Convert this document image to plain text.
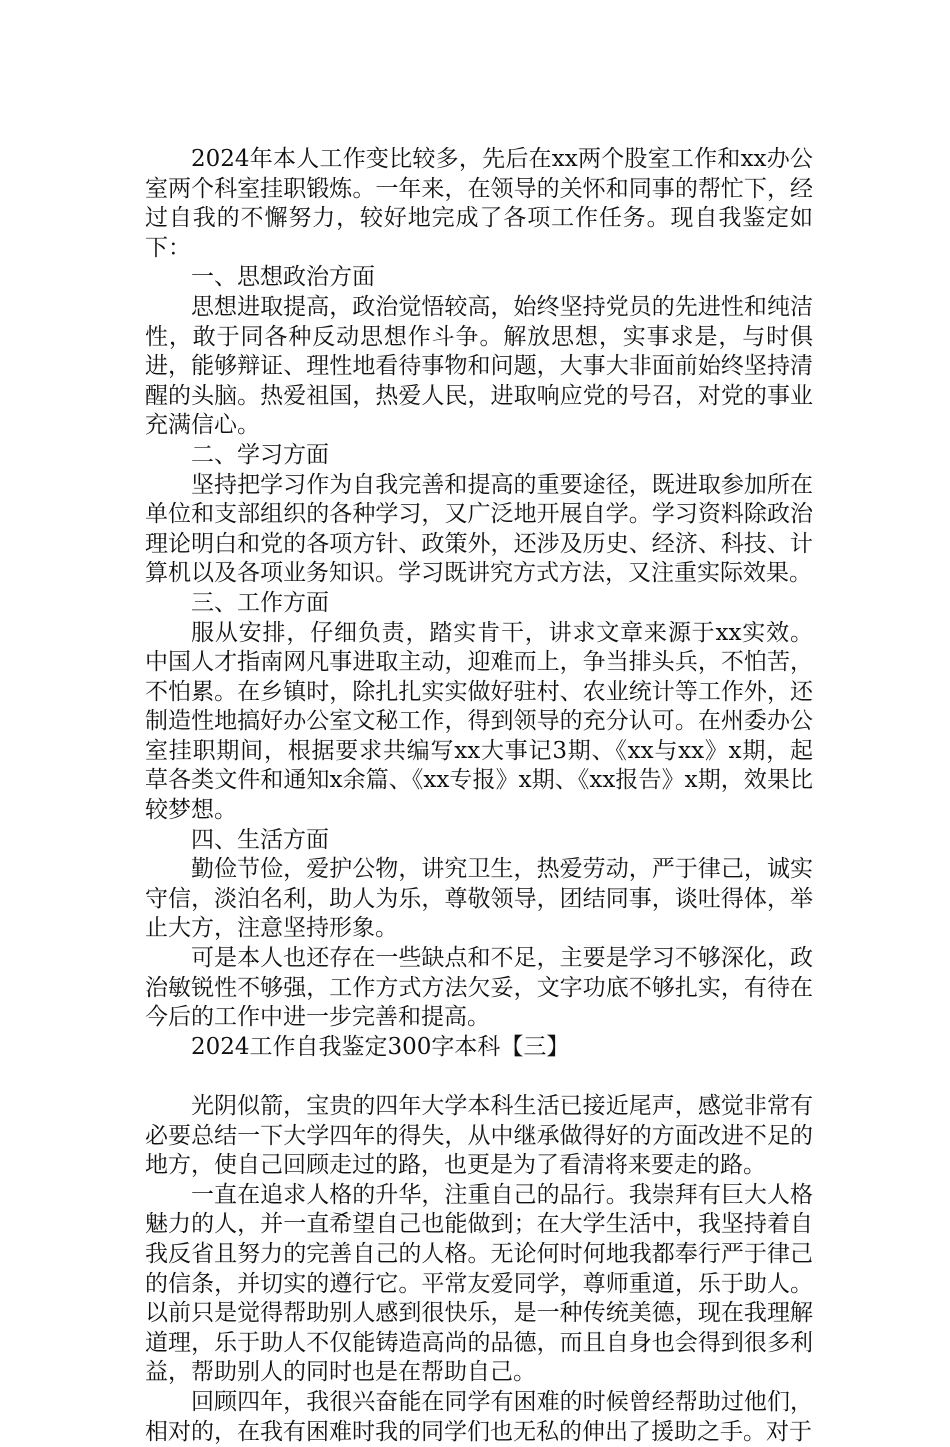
2024年本人工作变比较多，先后在xx两个股室工作和xx办公室两个科室挂职锻炼。一年来，在领导的关怀和同事的帮忙下，经过自我的不懈努力，较好地完成了各项工作任务。现自我鉴定如下：

一、思想政治方面

思想进取提高，政治觉悟较高，始终坚持党员的先进性和纯洁性，敢于同各种反动思想作斗争。解放思想，实事求是，与时俱进，能够辩证、理性地看待事物和问题，大事大非面前始终坚持清醒的头脑。热爱祖国，热爱人民，进取响应党的号召，对党的事业充满信心。

二、学习方面

坚持把学习作为自我完善和提高的重要途径，既进取参加所在单位和支部组织的各种学习，又广泛地开展自学。学习资料除政治理论明白和党的各项方针、政策外，还涉及历史、经济、科技、计算机以及各项业务知识。学习既讲究方式方法，又注重实际效果。

三、工作方面

服从安排，仔细负责，踏实肯干，讲求文章来源于xx实效。中国人才指南网凡事进取主动，迎难而上，争当排头兵，不怕苦，不怕累。在乡镇时，除扎扎实实做好驻村、农业统计等工作外，还制造性地搞好办公室文秘工作，得到领导的充分认可。在州委办公室挂职期间，根据要求共编写xx大事记3期、《xx与xx》x期，起草各类文件和通知x余篇、《xx专报》x期、《xx报告》x期，效果比较梦想。

四、生活方面

勤俭节俭，爱护公物，讲究卫生，热爱劳动，严于律己，诚实守信，淡泊名利，助人为乐，尊敬领导，团结同事，谈吐得体，举止大方，注意坚持形象。

可是本人也还存在一些缺点和不足，主要是学习不够深化，政治敏锐性不够强，工作方式方法欠妥，文字功底不够扎实，有待在今后的工作中进一步完善和提高。

2024工作自我鉴定300字本科【三】

光阴似箭，宝贵的四年大学本科生活已接近尾声，感觉非常有必要总结一下大学四年的得失，从中继承做得好的方面改进不足的地方，使自己回顾走过的路，也更是为了看清将来要走的路。

一直在追求人格的升华，注重自己的品行。我崇拜有巨大人格魅力的人，并一直希望自己也能做到；在大学生活中，我坚持着自我反省且努力的完善自己的人格。无论何时何地我都奉行严于律己的信条，并切实的遵行它。平常友爱同学，尊师重道，乐于助人。以前只是觉得帮助别人感到很快乐，是一种传统美德，现在我理解道理，乐于助人不仅能铸造高尚的品德，而且自身也会得到很多利益，帮助别人的同时也是在帮助自己。

回顾四年，我很兴奋能在同学有困难的时候曾经帮助过他们，相对的，在我有困难时我的同学们也无私的伸出了援助之手。对于
